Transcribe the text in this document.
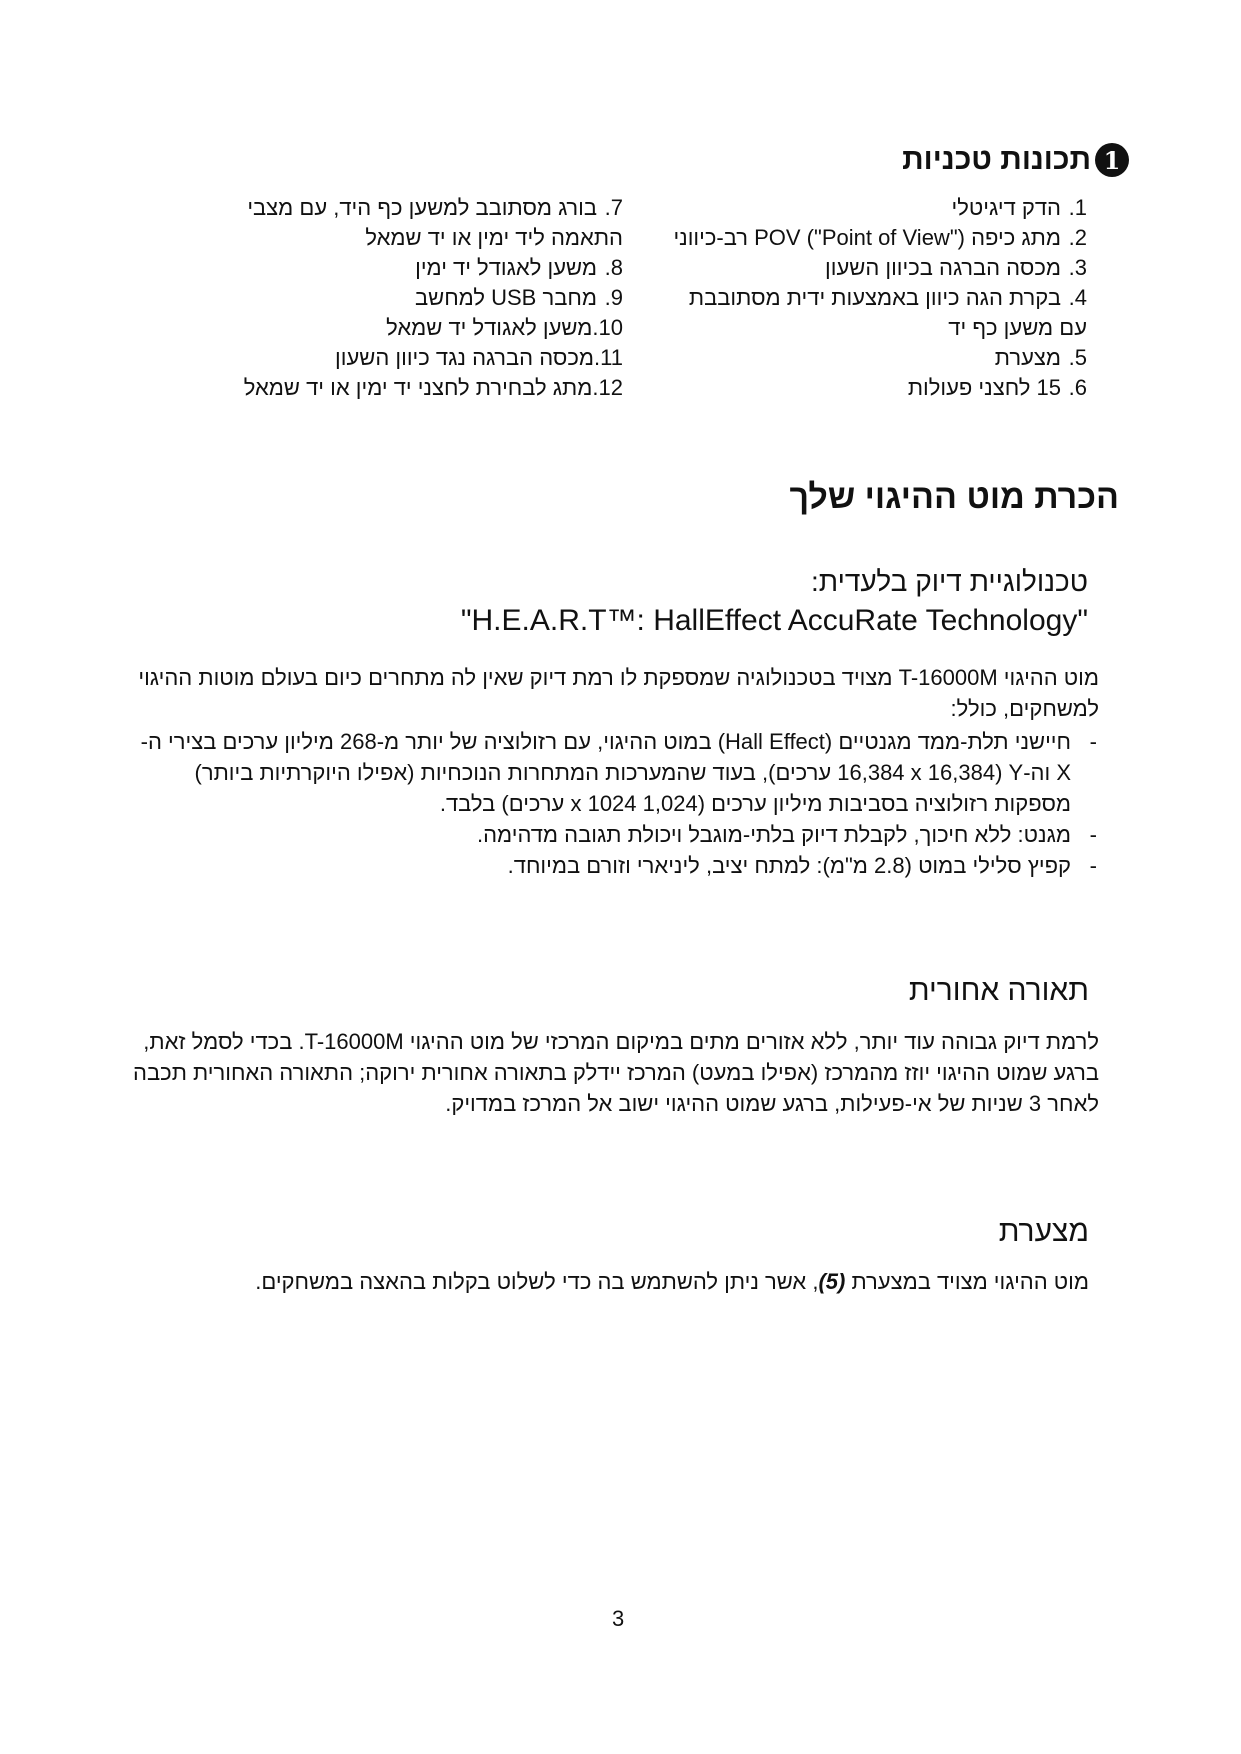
1
תכונות טכניות
1.הדק דיגיטלי
2.מתג כיפה POV ("Point of View") רב-כיווני
3.מכסה הברגה בכיוון השעון
4.בקרת הגה כיוון באמצעות ידית מסתובבת עם משען כף יד
5.מצערת
6.15 לחצני פעולות
7.בורג מסתובב למשען כף היד, עם מצבי התאמה ליד ימין או יד שמאל
8.משען לאגודל יד ימין
9.מחבר USB למחשב
10.משען לאגודל יד שמאל
11.מכסה הברגה נגד כיוון השעון
12.מתג לבחירת לחצני יד ימין או יד שמאל
הכרת מוט ההיגוי שלך
טכנולוגיית דיוק בלעדית:
"H.E.A.R.T™: HallEffect AccuRate Technology"

מוט ההיגוי T-16000M מצויד בטכנולוגיה שמספקת לו רמת דיוק שאין לה מתחרים כיום בעולם מוטות ההיגוי למשחקים, כולל:

-
חיישני תלת-ממד מגנטיים (Hall Effect) במוט ההיגוי, עם רזולוציה של יותר מ-268 מיליון ערכים בצירי ה-X וה-Y (16,384 x 16,384 ערכים), בעוד שהמערכות המתחרות הנוכחיות (אפילו היוקרתיות ביותר) מספקות רזולוציה בסביבות מיליון ערכים (1,024 x 1024 ערכים) בלבד.
-
מגנט: ללא חיכוך, לקבלת דיוק בלתי-מוגבל ויכולת תגובה מדהימה.
-
קפיץ סלילי במוט (2.8 מ"מ): למתח יציב, ליניארי וזורם במיוחד.
תאורה אחורית

לרמת דיוק גבוהה עוד יותר, ללא אזורים מתים במיקום המרכזי של מוט ההיגוי T-16000M. בכדי לסמל זאת, ברגע שמוט ההיגוי יוזז מהמרכז (אפילו במעט) המרכז יידלק בתאורה אחורית ירוקה; התאורה האחורית תכבה לאחר 3 שניות של אי-פעילות, ברגע שמוט ההיגוי ישוב אל המרכז במדויק.

מצערת

מוט ההיגוי מצויד במצערת (5), אשר ניתן להשתמש בה כדי לשלוט בקלות בהאצה במשחקים.

3
